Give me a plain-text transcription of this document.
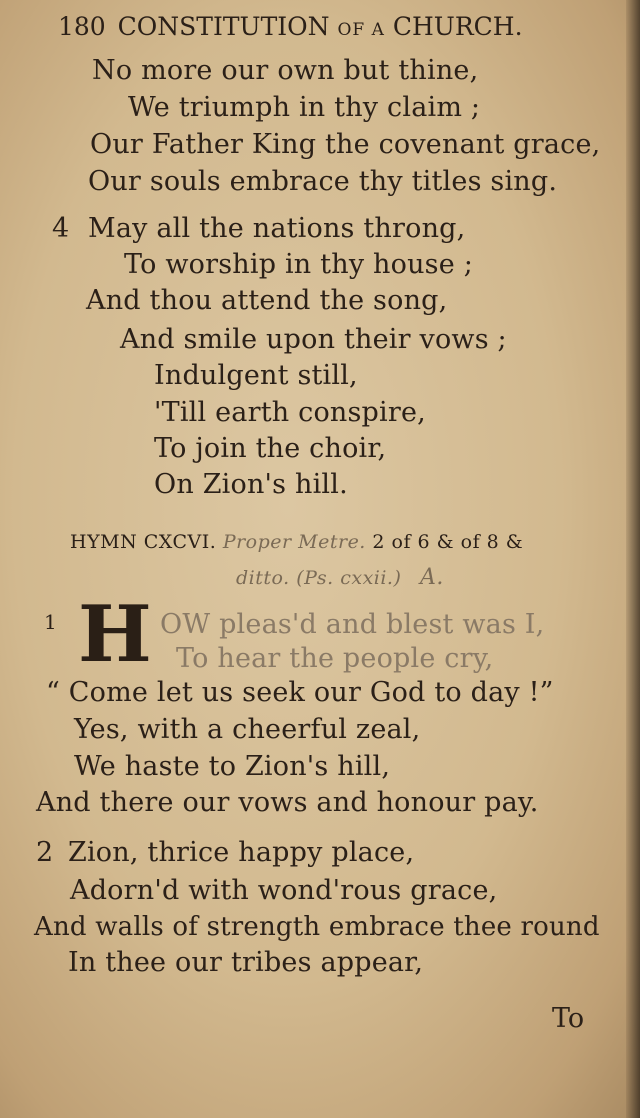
180 CONSTITUTION OF A CHURCH.
No more our own but thine,
We triumph in thy claim ;
Our Father King the covenant grace,
Our souls embrace thy titles sing.
4 May all the nations throng,
To worship in thy house ;
And thou attend the song,
And smile upon their vows ;
Indulgent still,
'Till earth conspire,
To join the choir,
On Zion's hill.
HYMN CXCVI. Proper Metre. 2 of 6 & of 8 &
ditto. (Ps. cxxii.) A.
1 H OW pleas'd and blest was I,
To hear the people cry,
“ Come let us seek our God to day !”
Yes, with a cheerful zeal,
We haste to Zion's hill,
And there our vows and honour pay.
2 Zion, thrice happy place,
Adorn'd with wond'rous grace,
And walls of strength embrace thee round
In thee our tribes appear,
To
